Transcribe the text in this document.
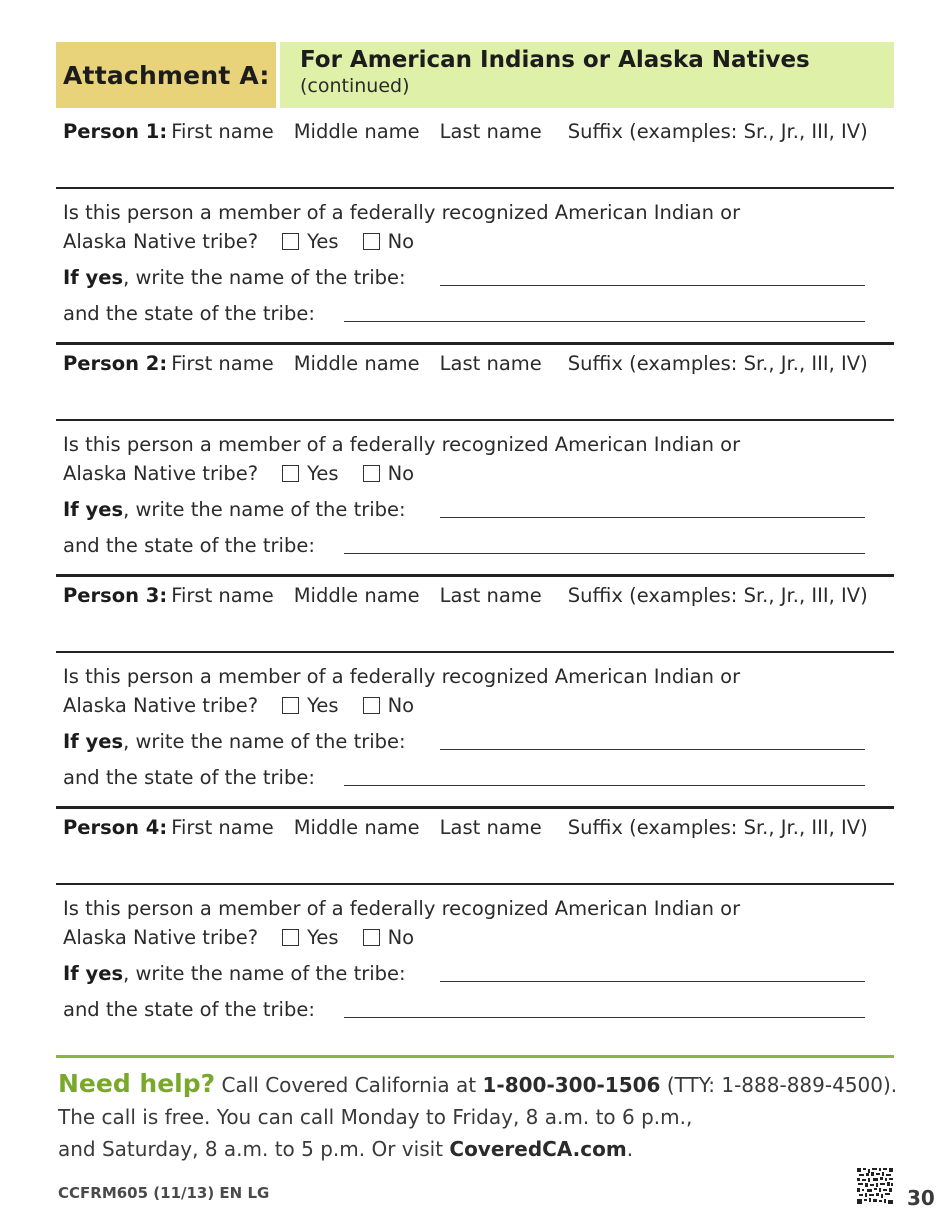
Attachment A:
For American Indians or Alaska Natives
(continued)
Person 1: First name Middle name Last name Suffix (examples: Sr., Jr., III, IV)
Is this person a member of a federally recognized American Indian or
Alaska Native tribe?	Yes	No
If yes, write the name of the tribe:
and the state of the tribe:
Person 2: First name Middle name Last name Suffix (examples: Sr., Jr., III, IV)
Is this person a member of a federally recognized American Indian or
Alaska Native tribe?	Yes	No
If yes, write the name of the tribe:
and the state of the tribe:
Person 3: First name Middle name Last name Suffix (examples: Sr., Jr., III, IV)
Is this person a member of a federally recognized American Indian or
Alaska Native tribe?	Yes	No
If yes, write the name of the tribe:
and the state of the tribe:
Person 4: First name Middle name Last name Suffix (examples: Sr., Jr., III, IV)
Is this person a member of a federally recognized American Indian or
Alaska Native tribe?	Yes	No
If yes, write the name of the tribe:
and the state of the tribe:
Need help? Call Covered California at 1-800-300-1506 (TTY: 1-888-889-4500).
The call is free. You can call Monday to Friday, 8 a.m. to 6 p.m.,
and Saturday, 8 a.m. to 5 p.m. Or visit CoveredCA.com.
CCFRM605 (11/13) EN LG	30
